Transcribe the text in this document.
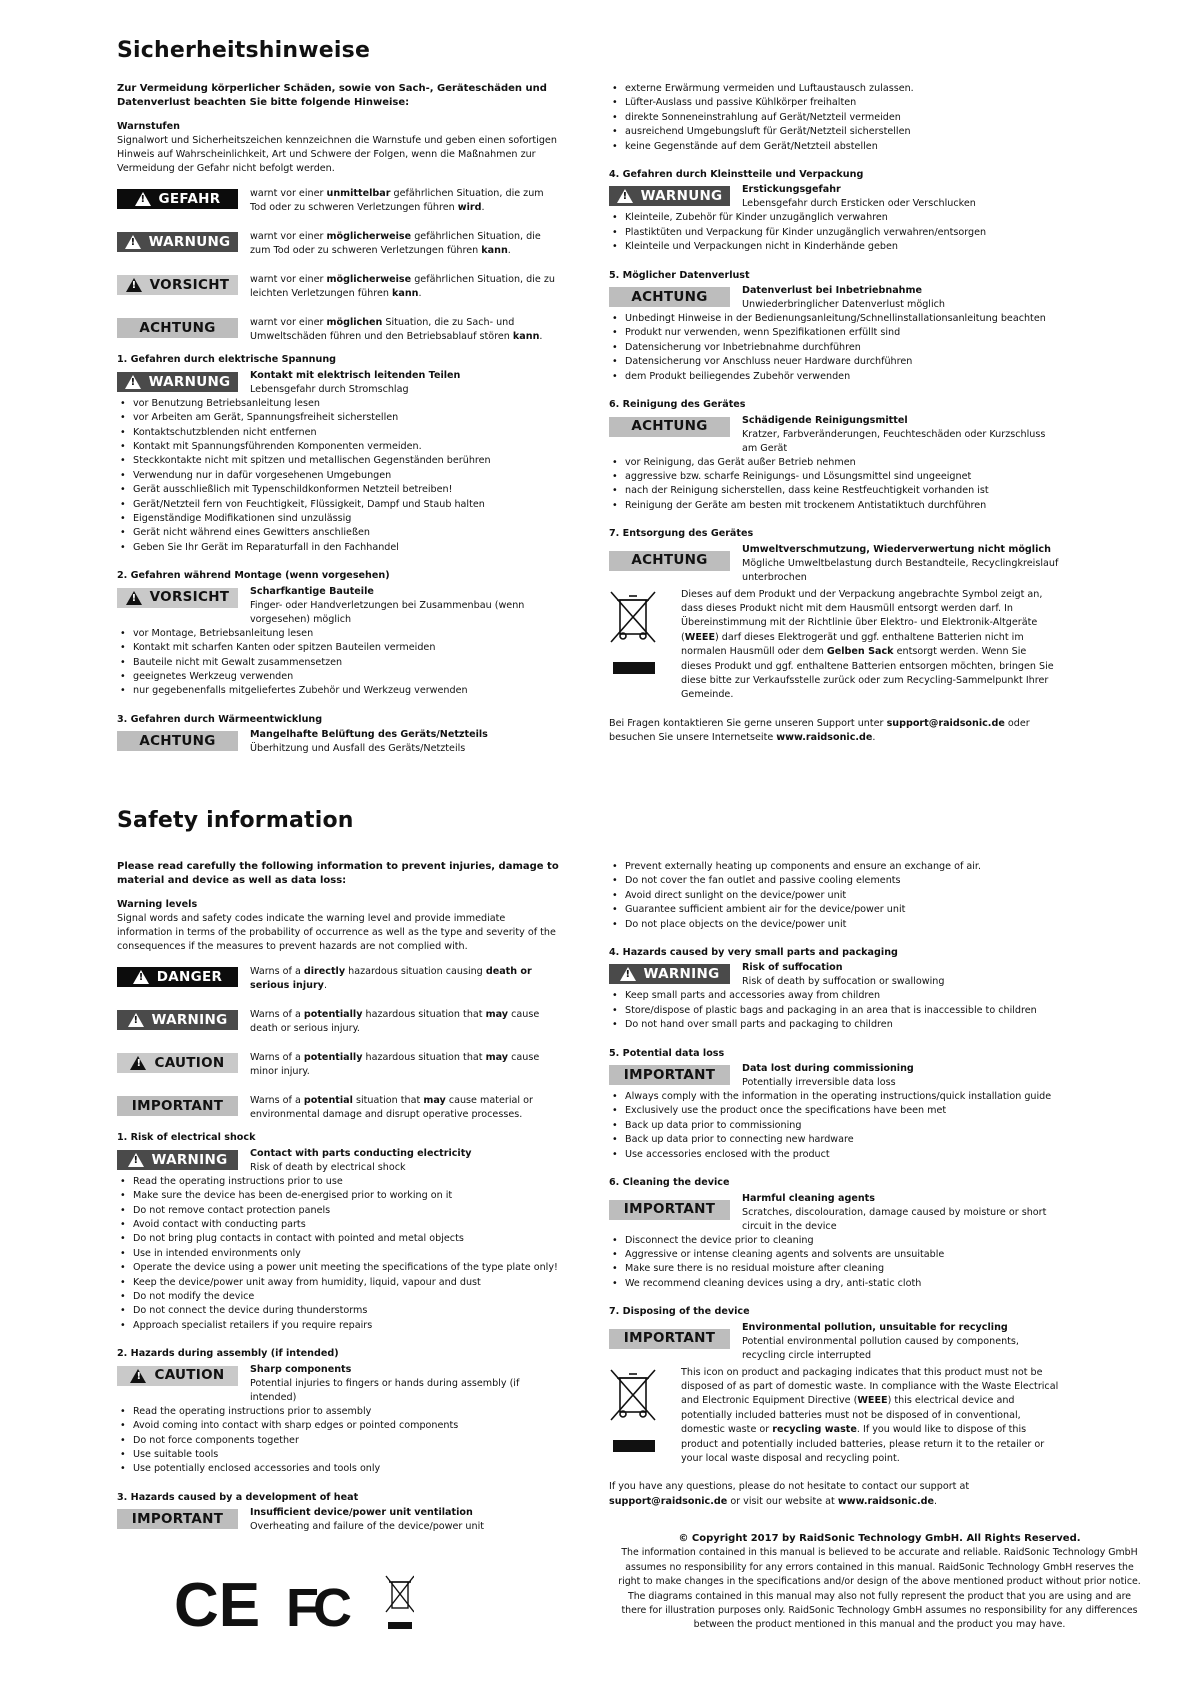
Sicherheitshinweise

Zur Vermeidung körperlicher Schäden, sowie von Sach-, Geräteschäden und Datenverlust beachten Sie bitte folgende Hinweise:

Warnstufen

Signalwort und Sicherheitszeichen kennzeichnen die Warnstufe und geben einen sofortigen Hinweis auf Wahrscheinlichkeit, Art und Schwere der Folgen, wenn die Maßnahmen zur Vermeidung der Gefahr nicht befolgt werden.

!
GEFAHR	warnt vor einer unmittelbar gefährlichen Situation, die zum Tod oder zu schweren Verletzungen führen wird.
!
WARNUNG	warnt vor einer möglicherweise gefährlichen Situation, die zum Tod oder zu schweren Verletzungen führen kann.
!
VORSICHT	warnt vor einer möglicherweise gefährlichen Situation, die zu leichten Verletzungen führen kann.
ACHTUNG	warnt vor einer möglichen Situation, die zu Sach- und Umweltschäden führen und den Betriebsablauf stören kann.

1. Gefahren durch elektrische Spannung

!
WARNUNG Kontakt mit elektrisch leitenden Teilen
Lebensgefahr durch Stromschlag
• vor Benutzung Betriebsanleitung lesen
• vor Arbeiten am Gerät, Spannungsfreiheit sicherstellen
• Kontaktschutzblenden nicht entfernen
• Kontakt mit Spannungsführenden Komponenten vermeiden.
• Steckkontakte nicht mit spitzen und metallischen Gegenständen berühren
• Verwendung nur in dafür vorgesehenen Umgebungen
• Gerät ausschließlich mit Typenschildkonformen Netzteil betreiben!
• Gerät/Netzteil fern von Feuchtigkeit, Flüssigkeit, Dampf und Staub halten
• Eigenständige Modifikationen sind unzulässig
• Gerät nicht während eines Gewitters anschließen
• Geben Sie Ihr Gerät im Reparaturfall in den Fachhandel

2. Gefahren während Montage (wenn vorgesehen)

!
VORSICHT Scharfkantige Bauteile
Finger- oder Handverletzungen bei Zusammenbau (wenn vorgesehen) möglich
• vor Montage, Betriebsanleitung lesen
• Kontakt mit scharfen Kanten oder spitzen Bauteilen vermeiden
• Bauteile nicht mit Gewalt zusammensetzen
• geeignetes Werkzeug verwenden
• nur gegebenenfalls mitgeliefertes Zubehör und Werkzeug verwenden

3. Gefahren durch Wärmeentwicklung

ACHTUNG	Mangelhafte Belüftung des Geräts/Netzteils
Überhitzung und Ausfall des Geräts/Netzteils
• externe Erwärmung vermeiden und Luftaustausch zulassen.
• Lüfter-Auslass und passive Kühlkörper freihalten
• direkte Sonneneinstrahlung auf Gerät/Netzteil vermeiden
• ausreichend Umgebungsluft für Gerät/Netzteil sicherstellen
• keine Gegenstände auf dem Gerät/Netzteil abstellen

4. Gefahren durch Kleinstteile und Verpackung

!
WARNUNG Erstickungsgefahr
Lebensgefahr durch Ersticken oder Verschlucken
• Kleinteile, Zubehör für Kinder unzugänglich verwahren
• Plastiktüten und Verpackung für Kinder unzugänglich verwahren/entsorgen
• Kleinteile und Verpackungen nicht in Kinderhände geben

5. Möglicher Datenverlust

ACHTUNG	Datenverlust bei Inbetriebnahme
Unwiederbringlicher Datenverlust möglich
• Unbedingt Hinweise in der Bedienungsanleitung/Schnellinstallationsanleitung beachten
• Produkt nur verwenden, wenn Spezifikationen erfüllt sind
• Datensicherung vor Inbetriebnahme durchführen
• Datensicherung vor Anschluss neuer Hardware durchführen
• dem Produkt beiliegendes Zubehör verwenden

6. Reinigung des Gerätes

ACHTUNG	Schädigende Reinigungsmittel
Kratzer, Farbveränderungen, Feuchteschäden oder Kurzschluss am Gerät
• vor Reinigung, das Gerät außer Betrieb nehmen
• aggressive bzw. scharfe Reinigungs- und Lösungsmittel sind ungeeignet
• nach der Reinigung sicherstellen, dass keine Restfeuchtigkeit vorhanden ist
• Reinigung der Geräte am besten mit trockenem Antistatiktuch durchführen

7. Entsorgung des Gerätes

ACHTUNG
Umweltverschmutzung, Wiederverwertung nicht möglich
Mögliche Umweltbelastung durch Bestandteile, Recyclingkreislauf unterbrochen
Dieses auf dem Produkt und der Verpackung angebrachte Symbol zeigt an, dass dieses Produkt nicht mit dem Hausmüll entsorgt werden darf. In Übereinstimmung mit der Richtlinie über Elektro- und Elektronik-Altgeräte (WEEE) darf dieses Elektrogerät und ggf. enthaltene Batterien nicht im normalen Hausmüll oder dem Gelben Sack entsorgt werden. Wenn Sie dieses Produkt und ggf. enthaltene Batterien entsorgen möchten, bringen Sie diese bitte zur Verkaufsstelle zurück oder zum Recycling-Sammelpunkt Ihrer Gemeinde.

Bei Fragen kontaktieren Sie gerne unseren Support unter support@raidsonic.de oder besuchen Sie unsere Internetseite www.raidsonic.de.

Safety information

Please read carefully the following information to prevent injuries, damage to material and device as well as data loss:

Warning levels

Signal words and safety codes indicate the warning level and provide immediate information in terms of the probability of occurrence as well as the type and severity of the consequences if the measures to prevent hazards are not complied with.

!
DANGER	Warns of a directly hazardous situation causing death or serious injury.
!
WARNING	Warns of a potentially hazardous situation that may cause death or serious injury.
!
CAUTION	Warns of a potentially hazardous situation that may cause minor injury.
IMPORTANT	Warns of a potential situation that may cause material or environmental damage and disrupt operative processes.

1. Risk of electrical shock

!
WARNING Contact with parts conducting electricity
Risk of death by electrical shock
• Read the operating instructions prior to use
• Make sure the device has been de-energised prior to working on it
• Do not remove contact protection panels
• Avoid contact with conducting parts
• Do not bring plug contacts in contact with pointed and metal objects
• Use in intended environments only
• Operate the device using a power unit meeting the specifications of the type plate only!
• Keep the device/power unit away from humidity, liquid, vapour and dust
• Do not modify the device
• Do not connect the device during thunderstorms
• Approach specialist retailers if you require repairs

2. Hazards during assembly (if intended)

!
CAUTION	Sharp components
Potential injuries to fingers or hands during assembly (if intended)
• Read the operating instructions prior to assembly
• Avoid coming into contact with sharp edges or pointed components
• Do not force components together
• Use suitable tools
• Use potentially enclosed accessories and tools only

3. Hazards caused by a development of heat

IMPORTANT	Insufficient device/power unit ventilation
Overheating and failure of the device/power unit
• Prevent externally heating up components and ensure an exchange of air.
• Do not cover the fan outlet and passive cooling elements
• Avoid direct sunlight on the device/power unit
• Guarantee sufficient ambient air for the device/power unit
• Do not place objects on the device/power unit

4. Hazards caused by very small parts and packaging

!
WARNING Risk of suffocation
Risk of death by suffocation or swallowing
• Keep small parts and accessories away from children
• Store/dispose of plastic bags and packaging in an area that is inaccessible to children
• Do not hand over small parts and packaging to children

5. Potential data loss

IMPORTANT	Data lost during commissioning
Potentially irreversible data loss
• Always comply with the information in the operating instructions/quick installation guide
• Exclusively use the product once the specifications have been met
• Back up data prior to commissioning
• Back up data prior to connecting new hardware
• Use accessories enclosed with the product

6. Cleaning the device

IMPORTANT
Harmful cleaning agents
Scratches, discolouration, damage caused by moisture or short circuit in the device
• Disconnect the device prior to cleaning
• Aggressive or intense cleaning agents and solvents are unsuitable
• Make sure there is no residual moisture after cleaning
• We recommend cleaning devices using a dry, anti-static cloth

7. Disposing of the device

IMPORTANT
Environmental pollution, unsuitable for recycling
Potential environmental pollution caused by components, recycling circle interrupted
This icon on product and packaging indicates that this product must not be disposed of as part of domestic waste. In compliance with the Waste Electrical and Electronic Equipment Directive (WEEE) this electrical device and potentially included batteries must not be disposed of in conventional, domestic waste or recycling waste. If you would like to dispose of this product and potentially included batteries, please return it to the retailer or your local waste disposal and recycling point.

If you have any questions, please do not hesitate to contact our support at support@raidsonic.de or visit our website at www.raidsonic.de.

CE FC
© Copyright 2017 by RaidSonic Technology GmbH. All Rights Reserved.
The information contained in this manual is believed to be accurate and reliable. RaidSonic Technology GmbH assumes no responsibility for any errors contained in this manual. RaidSonic Technology GmbH reserves the right to make changes in the specifications and/or design of the above mentioned product without prior notice. The diagrams contained in this manual may also not fully represent the product that you are using and are there for illustration purposes only. RaidSonic Technology GmbH assumes no responsibility for any differences between the product mentioned in this manual and the product you may have.
